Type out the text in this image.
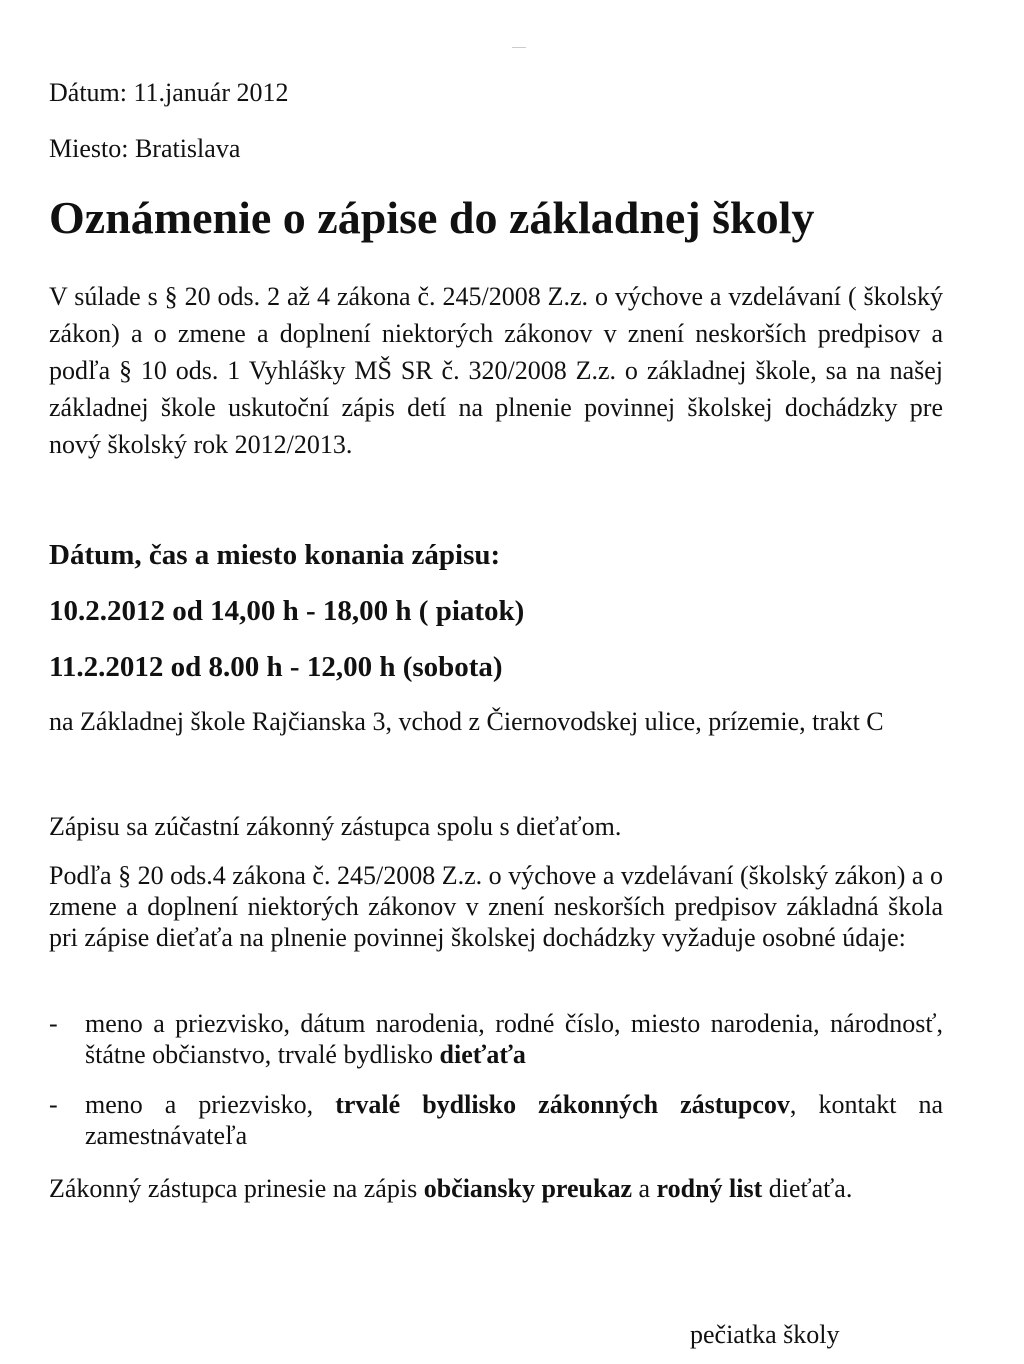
Dátum: 11.január 2012
Miesto: Bratislava
Oznámenie o zápise do základnej školy
V súlade s § 20 ods. 2 až 4 zákona č. 245/2008 Z.z. o výchove a vzdelávaní ( školský zákon) a o zmene a doplnení niektorých zákonov v znení neskorších predpisov a podľa § 10 ods. 1 Vyhlášky MŠ SR č. 320/2008 Z.z. o základnej škole, sa na našej základnej škole uskutoční zápis detí na plnenie povinnej školskej dochádzky pre nový školský rok 2012/2013.
Dátum, čas a miesto konania zápisu:
10.2.2012 od 14,00 h - 18,00 h ( piatok)
11.2.2012 od 8.00 h - 12,00 h (sobota)
na Základnej škole Rajčianska 3, vchod z Čiernovodskej ulice, prízemie, trakt C
Zápisu sa zúčastní zákonný zástupca spolu s dieťaťom.
Podľa § 20 ods.4 zákona č. 245/2008 Z.z. o výchove a vzdelávaní (školský zákon) a o zmene a doplnení niektorých zákonov v znení neskorších predpisov základná škola pri zápise dieťaťa na plnenie povinnej školskej dochádzky vyžaduje osobné údaje:
- meno a priezvisko, dátum narodenia, rodné číslo, miesto narodenia, národnosť, štátne občianstvo, trvalé bydlisko dieťaťa
- meno a priezvisko, trvalé bydlisko zákonných zástupcov, kontakt na zamestnávateľa
Zákonný zástupca prinesie na zápis občiansky preukaz a rodný list dieťaťa.
pečiatka školy
